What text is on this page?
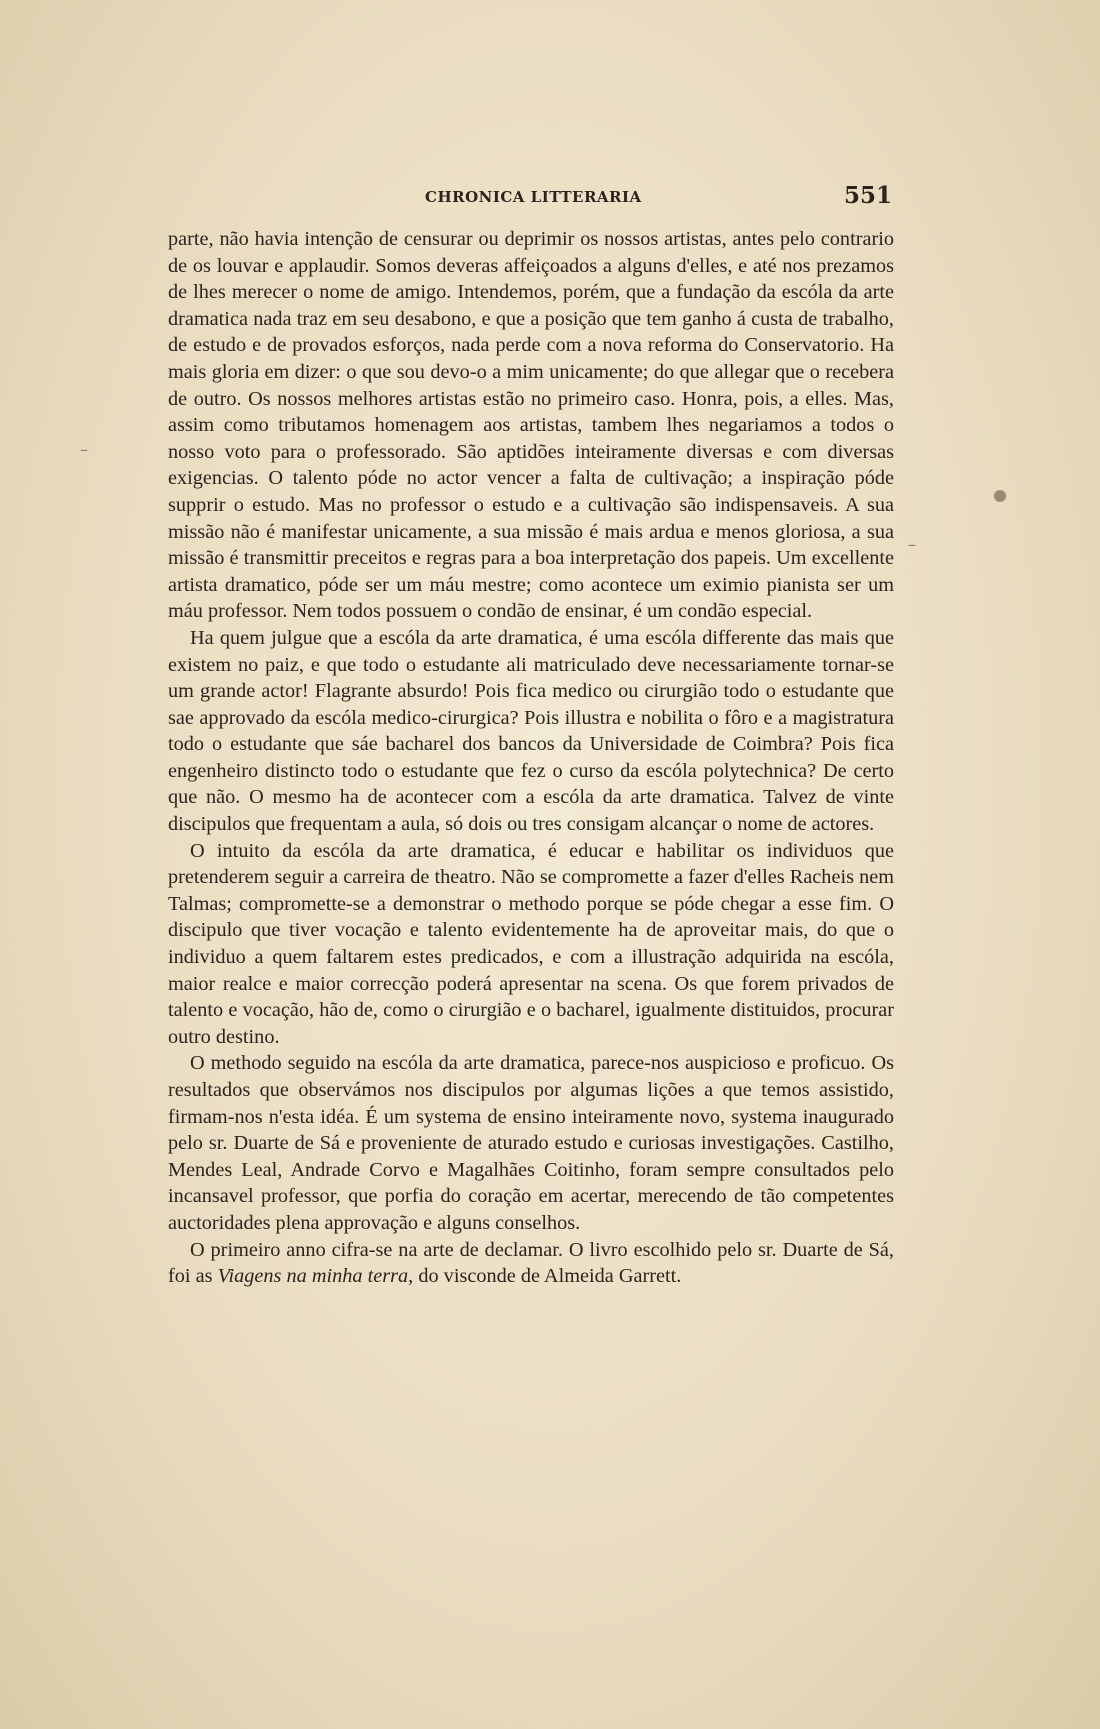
CHRONICA LITTERARIA	551

parte, não havia intenção de censurar ou deprimir os nossos artistas, antes pelo contrario de os louvar e applaudir. Somos deveras affeiçoados a alguns d'elles, e até nos prezamos de lhes merecer o nome de amigo. Intendemos, porém, que a fundação da escóla da arte dramatica nada traz em seu desabono, e que a posição que tem ganho á custa de trabalho, de estudo e de provados esforços, nada perde com a nova reforma do Conservatorio. Ha mais gloria em dizer: o que sou devo-o a mim unicamente; do que allegar que o recebera de outro. Os nossos melhores artistas estão no primeiro caso. Honra, pois, a elles. Mas, assim como tributamos homenagem aos artistas, tambem lhes negariamos a todos o nosso voto para o professorado. São aptidões inteiramente diversas e com diversas exigencias. O talento póde no actor vencer a falta de cultivação; a inspiração póde supprir o estudo. Mas no professor o estudo e a cultivação são indispensaveis. A sua missão não é manifestar unicamente, a sua missão é mais ardua e menos gloriosa, a sua missão é transmittir preceitos e regras para a boa interpretação dos papeis. Um excellente artista dramatico, póde ser um máu mestre; como acontece um eximio pianista ser um máu professor. Nem todos possuem o condão de ensinar, é um condão especial.

Ha quem julgue que a escóla da arte dramatica, é uma escóla differente das mais que existem no paiz, e que todo o estudante ali matriculado deve necessariamente tornar-se um grande actor! Flagrante absurdo! Pois fica medico ou cirurgião todo o estudante que sae approvado da escóla medico-cirurgica? Pois illustra e nobilita o fôro e a magistratura todo o estudante que sáe bacharel dos bancos da Universidade de Coimbra? Pois fica engenheiro distincto todo o estudante que fez o curso da escóla polytechnica? De certo que não. O mesmo ha de acontecer com a escóla da arte dramatica. Talvez de vinte discipulos que frequentam a aula, só dois ou tres consigam alcançar o nome de actores.

O intuito da escóla da arte dramatica, é educar e habilitar os individuos que pretenderem seguir a carreira de theatro. Não se compromette a fazer d'elles Racheis nem Talmas; compromette-se a demonstrar o methodo porque se póde chegar a esse fim. O discipulo que tiver vocação e talento evidentemente ha de aproveitar mais, do que o individuo a quem faltarem estes predicados, e com a illustração adquirida na escóla, maior realce e maior correcção poderá apresentar na scena. Os que forem privados de talento e vocação, hão de, como o cirurgião e o bacharel, igualmente distituidos, procurar outro destino.

O methodo seguido na escóla da arte dramatica, parece-nos auspicioso e proficuo. Os resultados que observámos nos discipulos por algumas lições a que temos assistido, firmam-nos n'esta idéa. É um systema de ensino inteiramente novo, systema inaugurado pelo sr. Duarte de Sá e proveniente de aturado estudo e curiosas investigações. Castilho, Mendes Leal, Andrade Corvo e Magalhães Coitinho, foram sempre consultados pelo incansavel professor, que porfia do coração em acertar, merecendo de tão competentes auctoridades plena approvação e alguns conselhos.

O primeiro anno cifra-se na arte de declamar. O livro escolhido pelo sr. Duarte de Sá, foi as Viagens na minha terra, do visconde de Almeida Garrett.

–
–
